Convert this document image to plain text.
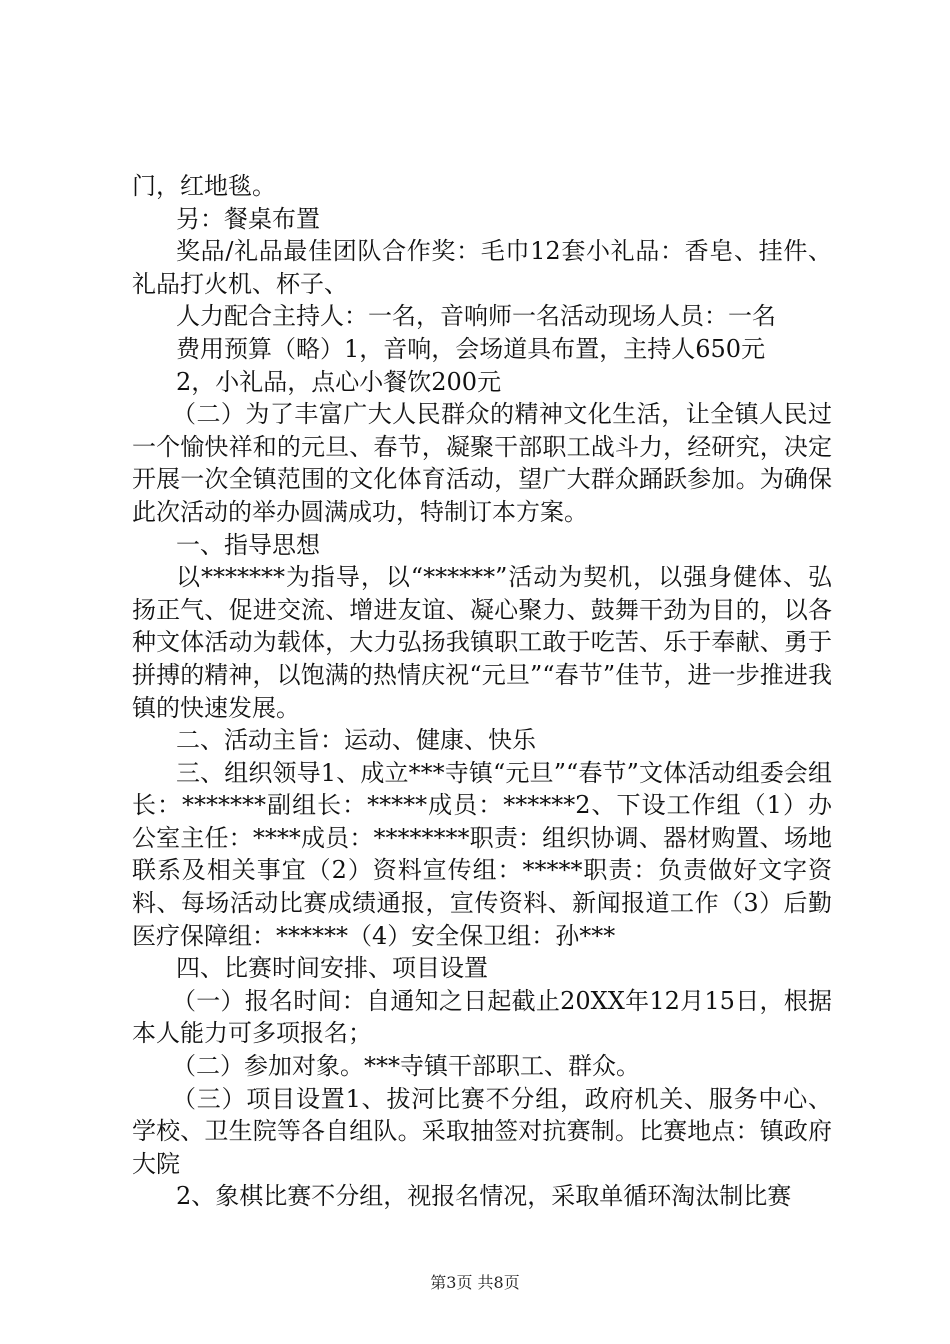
门，红地毯。

另：餐桌布置

奖品/礼品最佳团队合作奖：毛巾12套小礼品：香皂、挂件、礼品打火机、杯子、

人力配合主持人：一名，音响师一名活动现场人员：一名

费用预算（略）1，音响，会场道具布置，主持人650元

2，小礼品，点心小餐饮200元

（二）为了丰富广大人民群众的精神文化生活，让全镇人民过一个愉快祥和的元旦、春节，凝聚干部职工战斗力，经研究，决定开展一次全镇范围的文化体育活动，望广大群众踊跃参加。为确保此次活动的举办圆满成功，特制订本方案。

一、指导思想

以*******为指导，以“******”活动为契机，以强身健体、弘扬正气、促进交流、增进友谊、凝心聚力、鼓舞干劲为目的，以各种文体活动为载体，大力弘扬我镇职工敢于吃苦、乐于奉献、勇于拼搏的精神，以饱满的热情庆祝“元旦”“春节”佳节，进一步推进我镇的快速发展。

二、活动主旨：运动、健康、快乐

三、组织领导1、成立***寺镇“元旦”“春节”文体活动组委会组长：*******副组长：*****成员：******2、下设工作组（1）办公室主任：****成员：********职责：组织协调、器材购置、场地联系及相关事宜（2）资料宣传组：*****职责：负责做好文字资料、每场活动比赛成绩通报，宣传资料、新闻报道工作（3）后勤医疗保障组：******（4）安全保卫组：孙***

四、比赛时间安排、项目设置

（一）报名时间：自通知之日起截止20XX年12月15日，根据本人能力可多项报名；

（二）参加对象。***寺镇干部职工、群众。

（三）项目设置1、拔河比赛不分组，政府机关、服务中心、学校、卫生院等各自组队。采取抽签对抗赛制。比赛地点：镇政府大院

2、象棋比赛不分组，视报名情况，采取单循环淘汰制比赛

第3页 共8页
